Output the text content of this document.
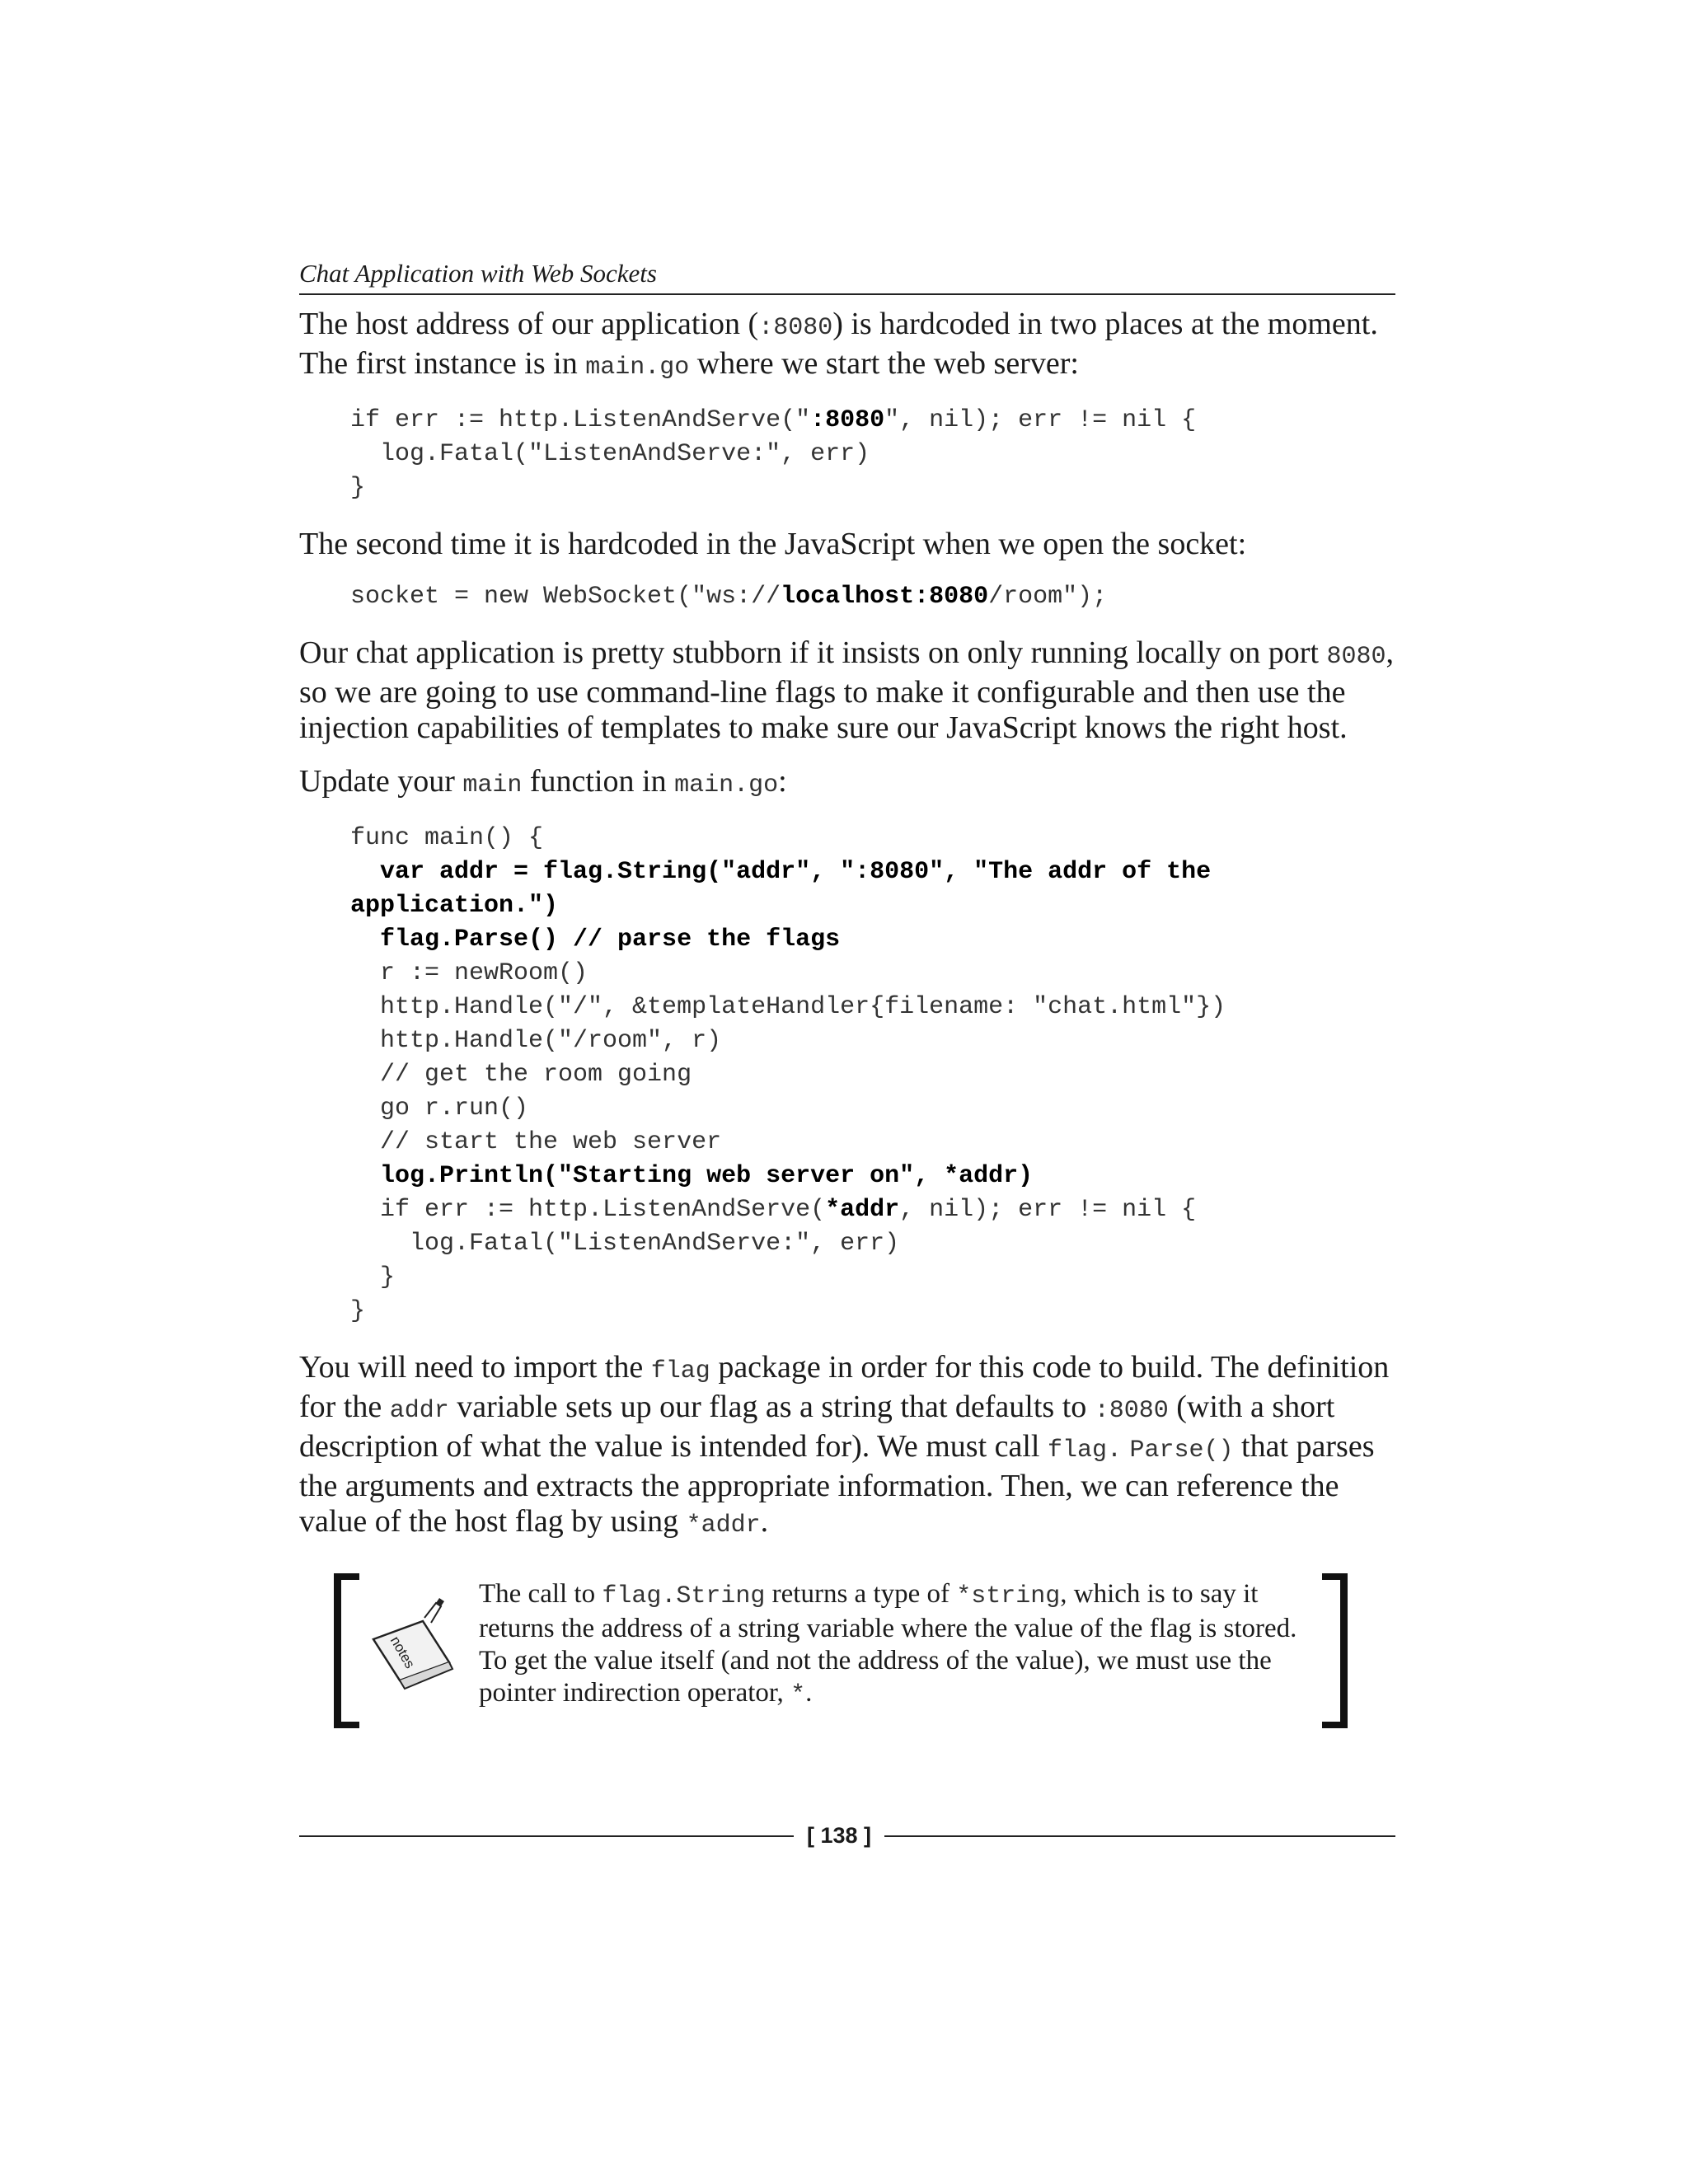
Chat Application with Web Sockets

The host address of our application (:8080) is hardcoded in two places at the moment. The first instance is in main.go where we start the web server:

if err := http.ListenAndServe(":8080", nil); err != nil {
log.Fatal("ListenAndServe:", err)
}

The second time it is hardcoded in the JavaScript when we open the socket:

socket = new WebSocket("ws://localhost:8080/room");

Our chat application is pretty stubborn if it insists on only running locally on port 8080, so we are going to use command-line flags to make it configurable and then use the injection capabilities of templates to make sure our JavaScript knows the right host.

Update your main function in main.go:

func main() {
var addr = flag.String("addr", ":8080", "The addr of the
application.")
flag.Parse() // parse the flags
r := newRoom()
http.Handle("/", &templateHandler{filename: "chat.html"})
http.Handle("/room", r)
// get the room going
go r.run()
// start the web server
log.Println("Starting web server on", *addr)
if err := http.ListenAndServe(*addr, nil); err != nil {
log.Fatal("ListenAndServe:", err)
}
}

You will need to import the flag package in order for this code to build. The definition for the addr variable sets up our flag as a string that defaults to :8080 (with a short description of what the value is intended for). We must call flag. Parse() that parses the arguments and extracts the appropriate information. Then, we can reference the value of the host flag by using *addr.

notes
The call to flag.String returns a type of *string, which is to say it returns the address of a string variable where the value of the flag is stored. To get the value itself (and not the address of the value), we must use the pointer indirection operator, *.
[ 138 ]
